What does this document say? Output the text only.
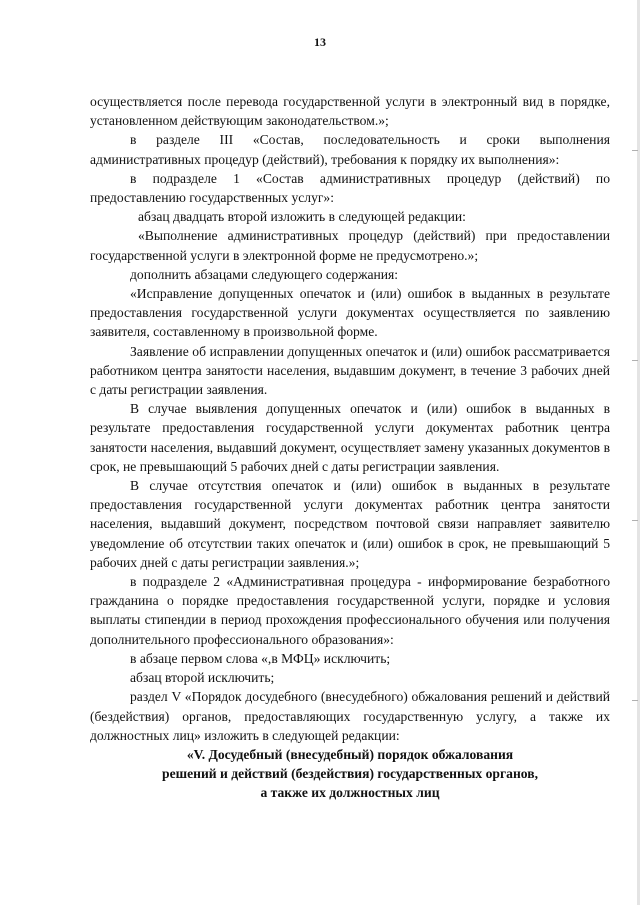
13

осуществляется после перевода государственной услуги в электронный вид в порядке, установленном действующим законодательством.»;

в разделе III «Состав, последовательность и сроки выполнения административных процедур (действий), требования к порядку их выполнения»:

в подразделе 1 «Состав административных процедур (действий) по предоставлению государственных услуг»:

абзац двадцать второй изложить в следующей редакции:

«Выполнение административных процедур (действий) при предоставлении государственной услуги в электронной форме не предусмотрено.»;

дополнить абзацами следующего содержания:

«Исправление допущенных опечаток и (или) ошибок в выданных в результате предоставления государственной услуги документах осуществляется по заявлению заявителя, составленному в произвольной форме.

Заявление об исправлении допущенных опечаток и (или) ошибок рассматривается работником центра занятости населения, выдавшим документ, в течение 3 рабочих дней с даты регистрации заявления.

В случае выявления допущенных опечаток и (или) ошибок в выданных в результате предоставления государственной услуги документах работник центра занятости населения, выдавший документ, осуществляет замену указанных документов в срок, не превышающий 5 рабочих дней с даты регистрации заявления.

В случае отсутствия опечаток и (или) ошибок в выданных в результате предоставления государственной услуги документах работник центра занятости населения, выдавший документ, посредством почтовой связи направляет заявителю уведомление об отсутствии таких опечаток и (или) ошибок в срок, не превышающий 5 рабочих дней с даты регистрации заявления.»;

в подразделе 2 «Административная процедура - информирование безработного гражданина о порядке предоставления государственной услуги, порядке и условия выплаты стипендии в период прохождения профессионального обучения или получения дополнительного профессионального образования»:

в абзаце первом слова «,в МФЦ» исключить;

абзац второй исключить;

раздел V «Порядок досудебного (внесудебного) обжалования решений и действий (бездействия) органов, предоставляющих государственную услугу, а также их должностных лиц» изложить в следующей редакции:

«V. Досудебный (внесудебный) порядок обжалования
решений и действий (бездействия) государственных органов,
а также их должностных лиц
